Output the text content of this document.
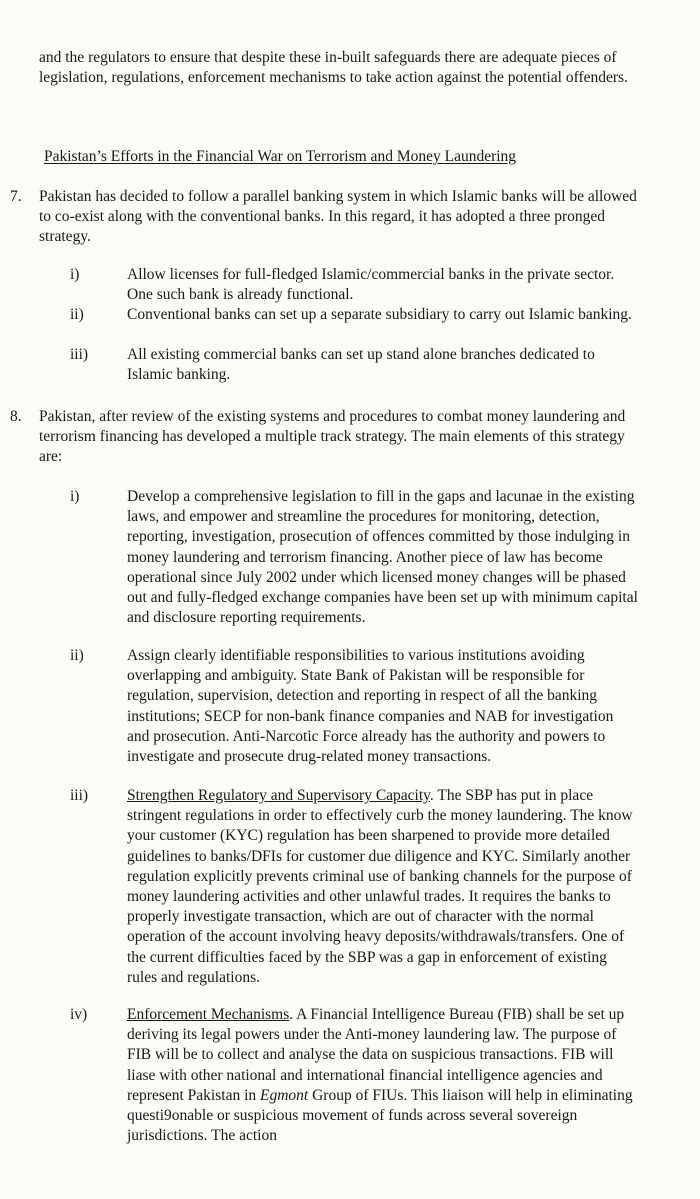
and the regulators to ensure that despite these in-built safeguards there are adequate pieces of legislation, regulations, enforcement mechanisms to take action against the potential offenders.
Pakistan’s Efforts in the Financial War on Terrorism and Money Laundering
7.	Pakistan has decided to follow a parallel banking system in which Islamic banks will be allowed to co-exist along with the conventional banks. In this regard, it has adopted a three pronged strategy.
i)	Allow licenses for full-fledged Islamic/commercial banks in the private sector. One such bank is already functional.
ii)	Conventional banks can set up a separate subsidiary to carry out Islamic banking.
iii)	All existing commercial banks can set up stand alone branches dedicated to Islamic banking.
8.	Pakistan, after review of the existing systems and procedures to combat money laundering and terrorism financing has developed a multiple track strategy. The main elements of this strategy are:
i)	Develop a comprehensive legislation to fill in the gaps and lacunae in the existing laws, and empower and streamline the procedures for monitoring, detection, reporting, investigation, prosecution of offences committed by those indulging in money laundering and terrorism financing. Another piece of law has become operational since July 2002 under which licensed money changes will be phased out and fully-fledged exchange companies have been set up with minimum capital and disclosure reporting requirements.
ii)	Assign clearly identifiable responsibilities to various institutions avoiding overlapping and ambiguity. State Bank of Pakistan will be responsible for regulation, supervision, detection and reporting in respect of all the banking institutions; SECP for non-bank finance companies and NAB for investigation and prosecution. Anti-Narcotic Force already has the authority and powers to investigate and prosecute drug-related money transactions.
iii)	Strengthen Regulatory and Supervisory Capacity. The SBP has put in place stringent regulations in order to effectively curb the money laundering. The know your customer (KYC) regulation has been sharpened to provide more detailed guidelines to banks/DFIs for customer due diligence and KYC. Similarly another regulation explicitly prevents criminal use of banking channels for the purpose of money laundering activities and other unlawful trades. It requires the banks to properly investigate transaction, which are out of character with the normal operation of the account involving heavy deposits/withdrawals/transfers. One of the current difficulties faced by the SBP was a gap in enforcement of existing rules and regulations.
iv)	Enforcement Mechanisms. A Financial Intelligence Bureau (FIB) shall be set up deriving its legal powers under the Anti-money laundering law. The purpose of FIB will be to collect and analyse the data on suspicious transactions. FIB will liase with other national and international financial intelligence agencies and represent Pakistan in Egmont Group of FIUs. This liaison will help in eliminating questi9onable or suspicious movement of funds across several sovereign jurisdictions. The action
